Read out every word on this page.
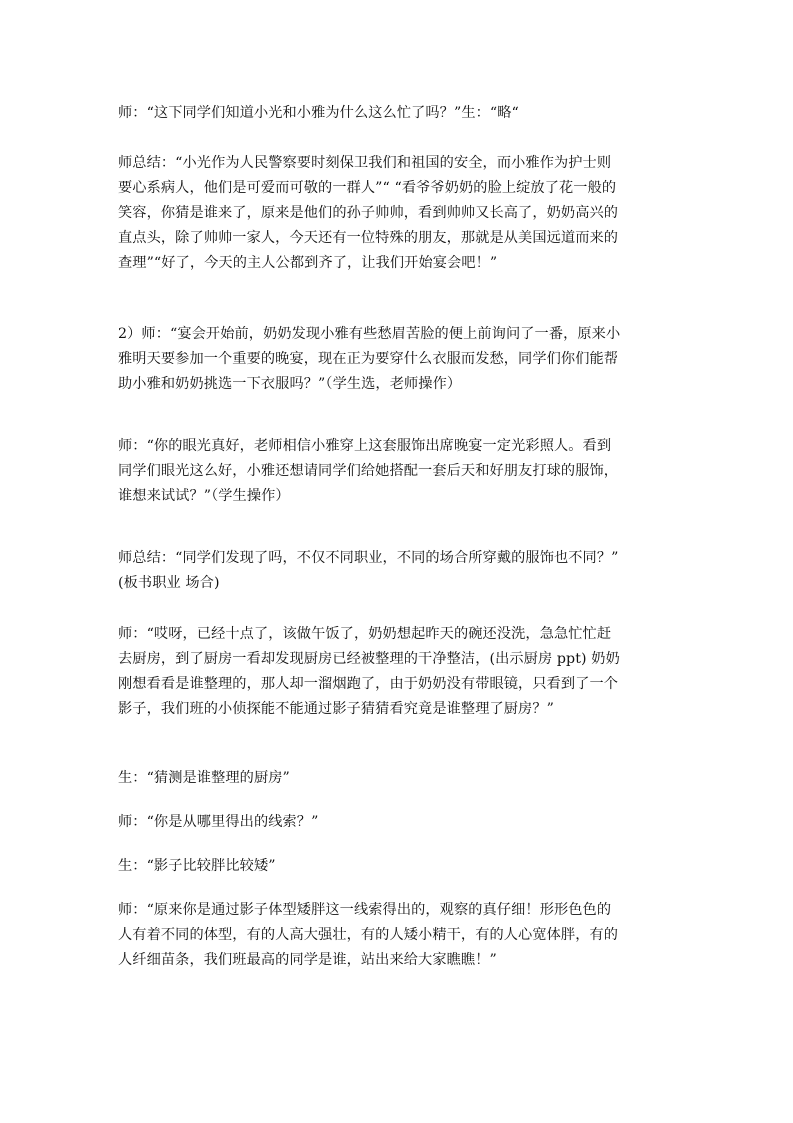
师：“这下同学们知道小光和小雅为什么这么忙了吗？”生：“略“

师总结：“小光作为人民警察要时刻保卫我们和祖国的安全，而小雅作为护士则
要心系病人，他们是可爱而可敬的一群人”“ “看爷爷奶奶的脸上绽放了花一般的
笑容，你猜是谁来了，原来是他们的孙子帅帅，看到帅帅又长高了，奶奶高兴的
直点头，除了帅帅一家人，今天还有一位特殊的朋友，那就是从美国远道而来的
查理”“好了，今天的主人公都到齐了，让我们开始宴会吧！”

2）师：“宴会开始前，奶奶发现小雅有些愁眉苦脸的便上前询问了一番，原来小
雅明天要参加一个重要的晚宴，现在正为要穿什么衣服而发愁，同学们你们能帮
助小雅和奶奶挑选一下衣服吗？”（学生选，老师操作）

师：“你的眼光真好，老师相信小雅穿上这套服饰出席晚宴一定光彩照人。看到
同学们眼光这么好，小雅还想请同学们给她搭配一套后天和好朋友打球的服饰，
谁想来试试？”（学生操作）

师总结：“同学们发现了吗，不仅不同职业，不同的场合所穿戴的服饰也不同？”
(板书职业 场合)

师：“哎呀，已经十点了，该做午饭了，奶奶想起昨天的碗还没洗，急急忙忙赶
去厨房，到了厨房一看却发现厨房已经被整理的干净整洁，(出示厨房 ppt) 奶奶
刚想看看是谁整理的，那人却一溜烟跑了，由于奶奶没有带眼镜，只看到了一个
影子，我们班的小侦探能不能通过影子猜猜看究竟是谁整理了厨房？”

生：“猜测是谁整理的厨房”

师：“你是从哪里得出的线索？”

生：“影子比较胖比较矮”

师：“原来你是通过影子体型矮胖这一线索得出的，观察的真仔细！形形色色的
人有着不同的体型，有的人高大强壮，有的人矮小精干，有的人心宽体胖，有的
人纤细苗条，我们班最高的同学是谁，站出来给大家瞧瞧！”
